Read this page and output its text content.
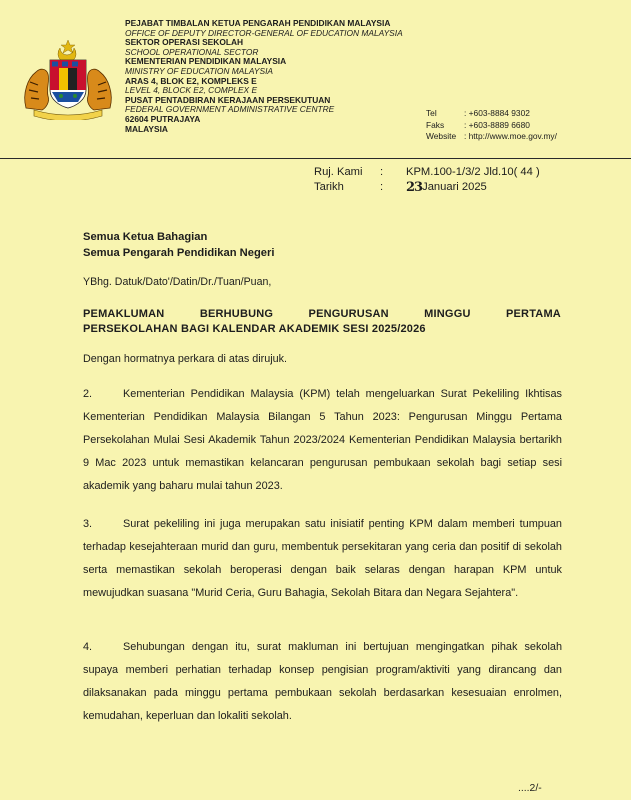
PEJABAT TIMBALAN KETUA PENGARAH PENDIDIKAN MALAYSIA
OFFICE OF DEPUTY DIRECTOR-GENERAL OF EDUCATION MALAYSIA
SEKTOR OPERASI SEKOLAH
SCHOOL OPERATIONAL SECTOR
KEMENTERIAN PENDIDIKAN MALAYSIA
MINISTRY OF EDUCATION MALAYSIA
ARAS 4, BLOK E2, KOMPLEKS E
LEVEL 4, BLOCK E2, COMPLEX E
PUSAT PENTADBIRAN KERAJAAN PERSEKUTUAN
FEDERAL GOVERNMENT ADMINISTRATIVE CENTRE
62604 PUTRAJAYA
MALAYSIA
Tel	: +603-8884 9302
Faks	: +603-8889 6680
Website : http://www.moe.gov.my/
Ruj. Kami	:	KPM.100-1/3/2 Jld.10( 44 )
Tarikh	:	23 Januari 2025
Semua Ketua Bahagian
Semua Pengarah Pendidikan Negeri
YBhg. Datuk/Dato'/Datin/Dr./Tuan/Puan,
PEMAKLUMAN	BERHUBUNG	PENGURUSAN	MINGGU	PERTAMA
PERSEKOLAHAN BAGI KALENDAR AKADEMIK SESI 2025/2026
Dengan hormatnya perkara di atas dirujuk.
2.	Kementerian Pendidikan Malaysia (KPM) telah mengeluarkan Surat Pekeliling Ikhtisas Kementerian Pendidikan Malaysia Bilangan 5 Tahun 2023: Pengurusan Minggu Pertama Persekolahan Mulai Sesi Akademik Tahun 2023/2024 Kementerian Pendidikan Malaysia bertarikh 9 Mac 2023 untuk memastikan kelancaran pengurusan pembukaan sekolah bagi setiap sesi akademik yang baharu mulai tahun 2023.
3.	Surat pekeliling ini juga merupakan satu inisiatif penting KPM dalam memberi tumpuan terhadap kesejahteraan murid dan guru, membentuk persekitaran yang ceria dan positif di sekolah serta memastikan sekolah beroperasi dengan baik selaras dengan harapan KPM untuk mewujudkan suasana "Murid Ceria, Guru Bahagia, Sekolah Bitara dan Negara Sejahtera".
4.	Sehubungan dengan itu, surat makluman ini bertujuan mengingatkan pihak sekolah supaya memberi perhatian terhadap konsep pengisian program/aktiviti yang dirancang dan dilaksanakan pada minggu pertama pembukaan sekolah berdasarkan kesesuaian enrolmen, kemudahan, keperluan dan lokaliti sekolah.
....2/-
